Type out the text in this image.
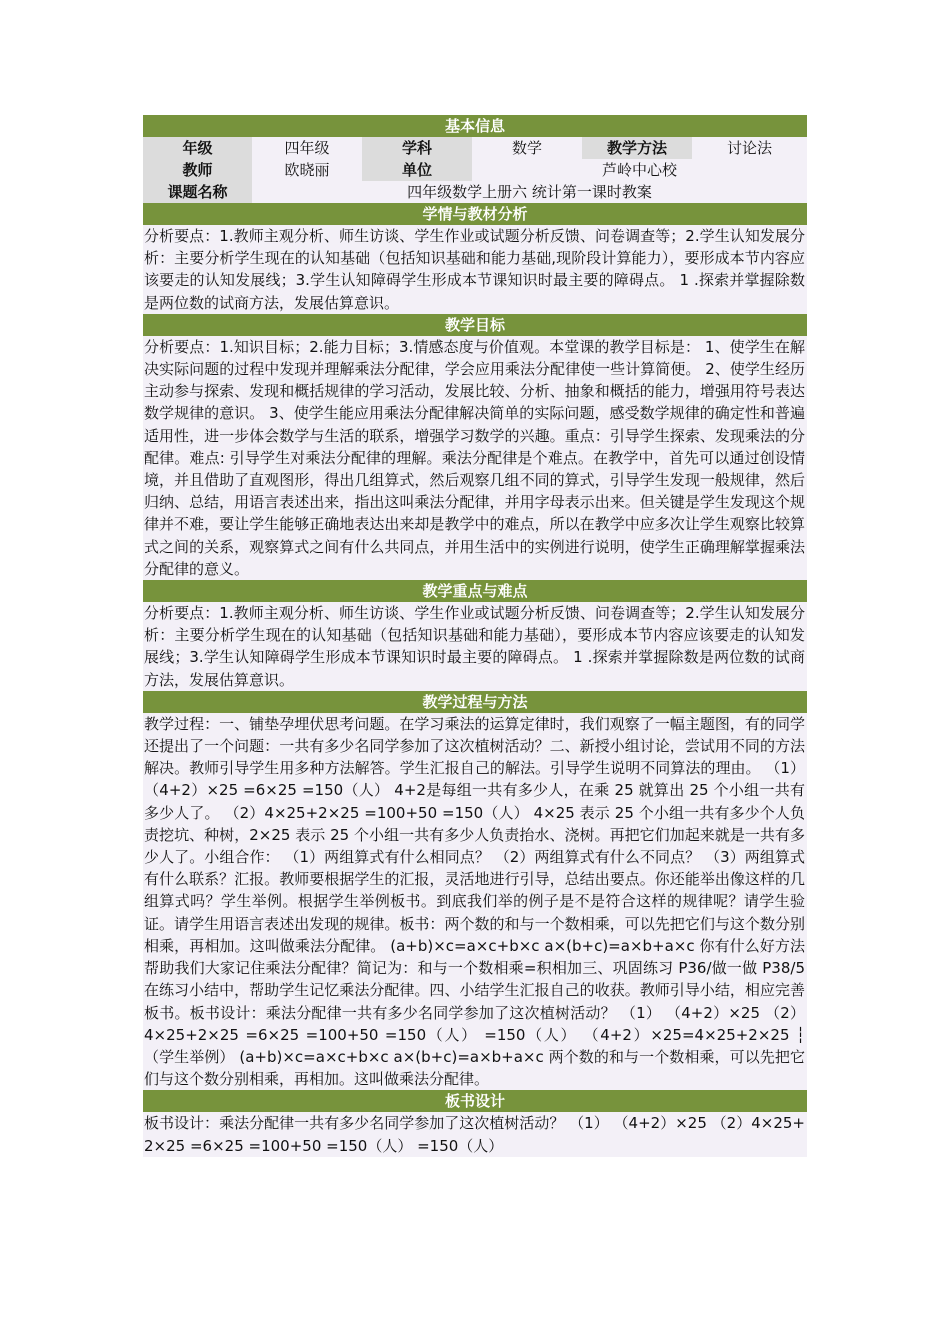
基本信息
年级	四年级	学科	数学	教学方法	讨论法
教师	欧晓丽	单位	芦岭中心校
课题名称	四年级数学上册六 统计第一课时教案
学情与教材分析
分析要点：1.教师主观分析、师生访谈、学生作业或试题分析反馈、问卷调查等；2.学生认知发展分析：主要分析学生现在的认知基础（包括知识基础和能力基础,现阶段计算能力），要形成本节内容应该要走的认知发展线；3.学生认知障碍学生形成本节课知识时最主要的障碍点。 1 .探索并掌握除数是两位数的试商方法，发展估算意识。
教学目标
分析要点：1.知识目标；2.能力目标；3.情感态度与价值观。本堂课的教学目标是： 1、使学生在解决实际问题的过程中发现并理解乘法分配律，学会应用乘法分配律使一些计算简便。 2、使学生经历主动参与探索、发现和概括规律的学习活动，发展比较、分析、抽象和概括的能力，增强用符号表达数学规律的意识。 3、使学生能应用乘法分配律解决简单的实际问题，感受数学规律的确定性和普遍适用性，进一步体会数学与生活的联系，增强学习数学的兴趣。重点：引导学生探索、发现乘法的分配律。难点: 引导学生对乘法分配律的理解。乘法分配律是个难点。在教学中，首先可以通过创设情境，并且借助了直观图形，得出几组算式，然后观察几组不同的算式，引导学生发现一般规律，然后归纳、总结，用语言表述出来，指出这叫乘法分配律，并用字母表示出来。但关键是学生发现这个规律并不难，要让学生能够正确地表达出来却是教学中的难点，所以在教学中应多次让学生观察比较算式之间的关系，观察算式之间有什么共同点，并用生活中的实例进行说明，使学生正确理解掌握乘法分配律的意义。
教学重点与难点
分析要点：1.教师主观分析、师生访谈、学生作业或试题分析反馈、问卷调查等；2.学生认知发展分析：主要分析学生现在的认知基础（包括知识基础和能力基础），要形成本节内容应该要走的认知发展线；3.学生认知障碍学生形成本节课知识时最主要的障碍点。 1 .探索并掌握除数是两位数的试商方法，发展估算意识。
教学过程与方法
教学过程：一、铺垫孕埋伏思考问题。在学习乘法的运算定律时，我们观察了一幅主题图，有的同学还提出了一个问题：一共有多少名同学参加了这次植树活动？二、新授小组讨论，尝试用不同的方法解决。教师引导学生用多种方法解答。学生汇报自己的解法。引导学生说明不同算法的理由。 （1） （4+2）×25 =6×25 =150（人） 4+2是每组一共有多少人，在乘 25 就算出 25 个小组一共有多少人了。 （2）4×25+2×25 =100+50 =150（人） 4×25 表示 25 个小组一共有多少个人负责挖坑、种树，2×25 表示 25 个小组一共有多少人负责抬水、浇树。再把它们加起来就是一共有多少人了。小组合作： （1）两组算式有什么相同点？ （2）两组算式有什么不同点？ （3）两组算式有什么联系？汇报。教师要根据学生的汇报，灵活地进行引导，总结出要点。你还能举出像这样的几组算式吗？学生举例。根据学生举例板书。到底我们举的例子是不是符合这样的规律呢？请学生验证。请学生用语言表述出发现的规律。板书：两个数的和与一个数相乘，可以先把它们与这个数分别相乘，再相加。这叫做乘法分配律。 (a+b)×c=a×c+b×c a×(b+c)=a×b+a×c 你有什么好方法帮助我们大家记住乘法分配律？简记为：和与一个数相乘=积相加三、巩固练习 P36/做一做 P38/5 在练习小结中，帮助学生记忆乘法分配律。四、小结学生汇报自己的收获。教师引导小结，相应完善板书。板书设计：乘法分配律一共有多少名同学参加了这次植树活动？ （1） （4+2）×25 （2） 4×25+2×25 =6×25 =100+50 =150（人） =150（人） （4+2）×25=4×25+2×25 ┆（学生举例） (a+b)×c=a×c+b×c a×(b+c)=a×b+a×c 两个数的和与一个数相乘，可以先把它们与这个数分别相乘，再相加。这叫做乘法分配律。
板书设计
板书设计：乘法分配律一共有多少名同学参加了这次植树活动？ （1） （4+2）×25 （2）4×25+2×25 =6×25 =100+50 =150（人） =150（人）
